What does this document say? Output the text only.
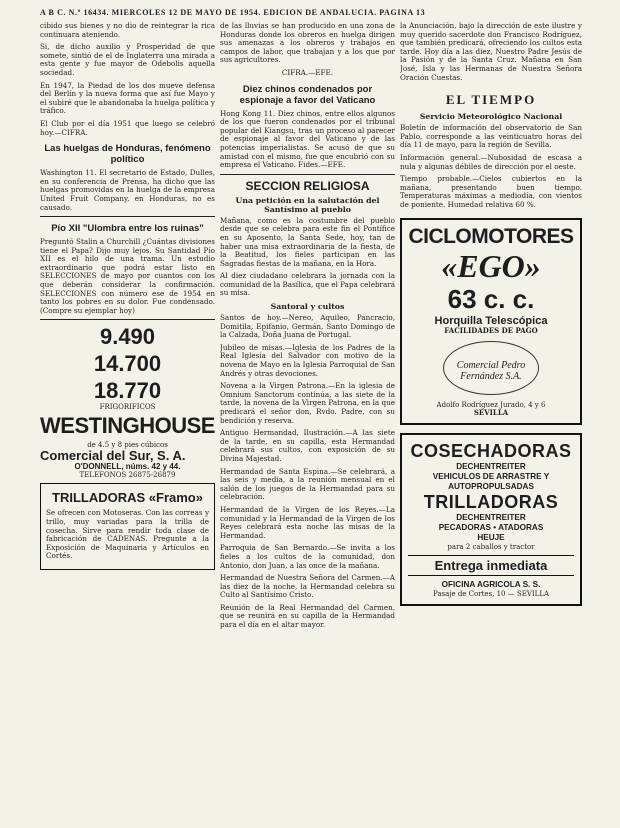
A B C. N.º 16434. MIERCOLES 12 DE MAYO DE 1954. EDICION DE ANDALUCIA. PAGINA 13

cibido sus bienes y no dio de reintegrar la rica continuara ateniendo.

Si, de dicho auxilio y Prosperidad de que somete, sintió de el de Inglaterra una mirada a esta gente y fue mayor de Odebolis aquella sociedad.

En 1947, la Piedad de los dos mueve defensa del Berlín y la nueva forma que así fue Mayo y el subiré que le abandonaba la huelga política y tráfico.

El Club por el día 1951 que luego se celebró hoy.—CIFRA.

Las huelgas de Honduras, fenómeno político

Washington 11. El secretario de Estado, Dulles, en su conferencia de Prensa, ha dicho que las huelgas promovidas en la huelga de la empresa United Fruit Company, en Honduras, no es causado.

Pío XII "Ulombra entre los ruinas"

Preguntó Stalin a Churchill ¿Cuántas divisiones tiene el Papa? Dijo muy lejos. Su Santidad Pío XII es el hilo de una trama. Un estudio extraordinario que podrá estar listo en SELECCIONES de mayo por cuantos con los que deberán considerar la confirmación. SELECCIONES con número ese de 1954 en tanto los pobres en su dolor. Fue condensado. (Compre su ejemplar hoy)

9.490
14.700
18.770
FRIGORIFICOS
WESTINGHOUSE
de 4.5 y 8 pies cúbicos
Comercial del Sur, S. A.
O'DONNELL, núms. 42 y 44.
TELEFONOS 26875-26879
TRILLADORAS «Framo»

Se ofrecen con Motoseras. Con las correas y trillo, muy variadas para la trilla de cosecha. Sirve para rendir toda clase de fabricación de CADENAS. Pregunte a la Exposición de Maquinaria y Artículos en Cortés.

de las lluvias se han producido en una zona de Honduras donde los obreros en huelga dirigen sus amenazas a los obreros y trabajos en campos de labor, que trabajan y a los que por sus agricultores.

CIFRA.—EFE.

Diez chinos condenados por espionaje a favor del Vaticano

Hong Kong 11. Diez chinos, entre ellos algunos de los que fueron condenados por el tribunal popular del Kiangsu, tras un proceso al parecer de espionaje al favor del Vaticano y de las potencias imperialistas. Se acusó de que su amistad con el mismo, fue que encubrió con su empresa el Vaticano. Fides.—EFE.

SECCION RELIGIOSA
Una petición en la salutación del Santísimo al pueblo

Mañana, como es la costumbre del pueblo desde que se celebra para este fin el Pontífice en su Aposento, la Santa Sede, hoy, tan de haber una misa extraordinaria de la fiesta, de la Beatitud, los fieles participan en las Sagradas fiestas de la mañana, en la Hora.

Al diez ciudadano celebrara la jornada con la comunidad de la Basílica, que el Papa celebrará su misa.

Santoral y cultos

Santos de hoy.—Nereo, Aquileo, Pancracio, Domitila, Epifanio, Germán, Santo Domingo de la Calzada, Doña Juana de Portugal.

Jubileo de misas.—Iglesia de los Padres de la Real Iglesia del Salvador con motivo de la novena de Mayo en la Iglesia Parroquial de San Andrés y otras devociones.

Novena a la Virgen Patrona.—En la iglesia de Omnium Sanctorum continúa, a las siete de la tarde, la novena de la Virgen Patrona, en la que predicará el señor don, Rvdo. Padre, con su bendición y reserva.

Antiguo Hermandad, Ilustración.—A las siete de la tarde, en su capilla, esta Hermandad celebrará sus cultos, con exposición de su Divina Majestad.

Hermandad de Santa Espina.—Se celebrará, a las seis y media, a la reunión mensual en el salón de los juegos de la Hermandad para su celebración.

Hermandad de la Virgen de los Reyes.—La comunidad y la Hermandad de la Virgen de los Reyes celebrará esta noche las misas de la Hermandad.

Parroquia de San Bernardo.—Se invita a los fieles a los cultos de la comunidad, don Antonio, don Juan, a las once de la mañana.

Hermandad de Nuestra Señora del Carmen.—A las diez de la noche, la Hermandad celebra su Culto al Santísimo Cristo.

Reunión de la Real Hermandad del Carmen, que se reunirá en su capilla de la Hermandad para el día en el altar mayor.

la Anunciación, bajo la dirección de este ilustre y muy querido sacerdote don Francisco Rodríguez, que también predicará, ofreciendo los cultos esta tarde. Hoy día a las diez, Nuestro Padre Jesús de la Pasión y de la Santa Cruz. Mañana en San José, Isla y las Hermanas de Nuestra Señora Oración Cuestas.

EL TIEMPO
Servicio Meteorológico Nacional

Boletín de información del observatorio de San Pablo, corresponde a las veinticuatro horas del día 11 de mayo, para la región de Sevilla.

Información general.—Nubosidad de escasa a nula y algunas débiles de dirección por el oeste.

Tiempo probable.—Cielos cubiertos en la mañana, presentando buen tiempo. Temperaturas máximas a mediodía, con vientos de poniente. Humedad relativa 60 %.

CICLOMOTORES
«EGO»
63 c. c.
Horquilla Telescópica
FACILIDADES DE PAGO
Comercial Pedro Fernández S.A.
Adolfo Rodríguez Jurado, 4 y 6
SEVILLA
COSECHADORAS
DECHENTREITER
VEHICULOS DE ARRASTRE Y AUTOPROPULSADAS
TRILLADORAS
DECHENTREITER
PECADORAS • ATADORAS
HEUJE
para 2 caballos y tractor
Entrega inmediata
OFICINA AGRICOLA S. S.
Pasaje de Cortes, 10 — SEVILLA
